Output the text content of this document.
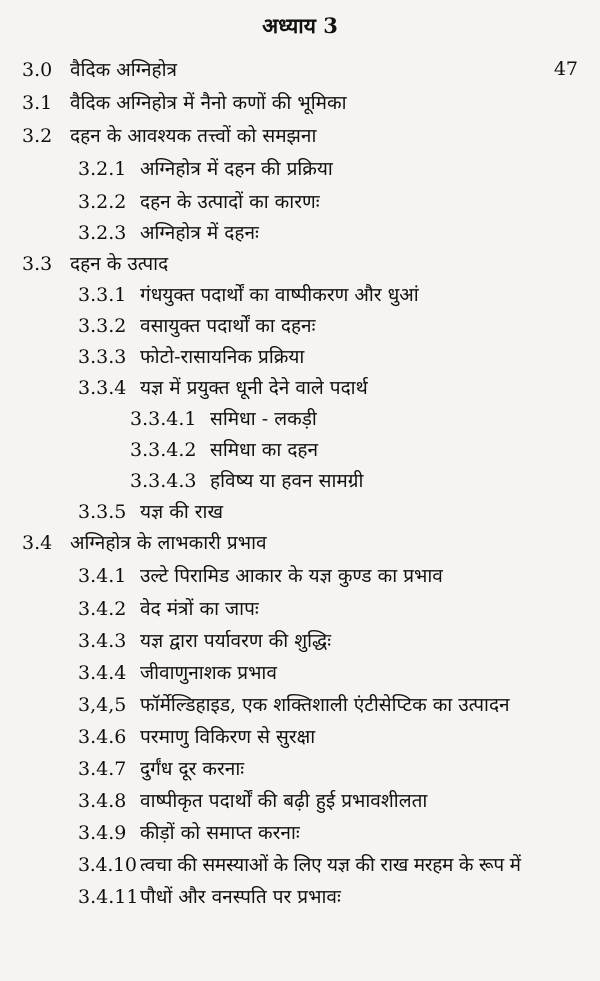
अध्याय 3
47
3.0 वैदिक अग्निहोत्र
3.1 वैदिक अग्निहोत्र में नैनो कणों की भूमिका
3.2 दहन के आवश्यक तत्त्वों को समझना
3.2.1 अग्निहोत्र में दहन की प्रक्रिया
3.2.2 दहन के उत्पादों का कारणः
3.2.3 अग्निहोत्र में दहनः
3.3 दहन के उत्पाद
3.3.1 गंधयुक्त पदार्थों का वाष्पीकरण और धुआं
3.3.2 वसायुक्त पदार्थों का दहनः
3.3.3 फोटो-रासायनिक प्रक्रिया
3.3.4 यज्ञ में प्रयुक्त धूनी देने वाले पदार्थ
3.3.4.1 समिधा - लकड़ी
3.3.4.2 समिधा का दहन
3.3.4.3 हविष्य या हवन सामग्री
3.3.5 यज्ञ की राख
3.4 अग्निहोत्र के लाभकारी प्रभाव
3.4.1 उल्टे पिरामिड आकार के यज्ञ कुण्ड का प्रभाव
3.4.2 वेद मंत्रों का जापः
3.4.3 यज्ञ द्वारा पर्यावरण की शुद्धिः
3.4.4 जीवाणुनाशक प्रभाव
3,4,5 फॉर्मेल्डिहाइड, एक शक्तिशाली एंटीसेप्टिक का उत्पादन
3.4.6 परमाणु विकिरण से सुरक्षा
3.4.7 दुर्गंध दूर करनाः
3.4.8 वाष्पीकृत पदार्थों की बढ़ी हुई प्रभावशीलता
3.4.9 कीड़ों को समाप्त करनाः
3.4.10 त्वचा की समस्याओं के लिए यज्ञ की राख मरहम के रूप में
3.4.11पौधों और वनस्पति पर प्रभावः
